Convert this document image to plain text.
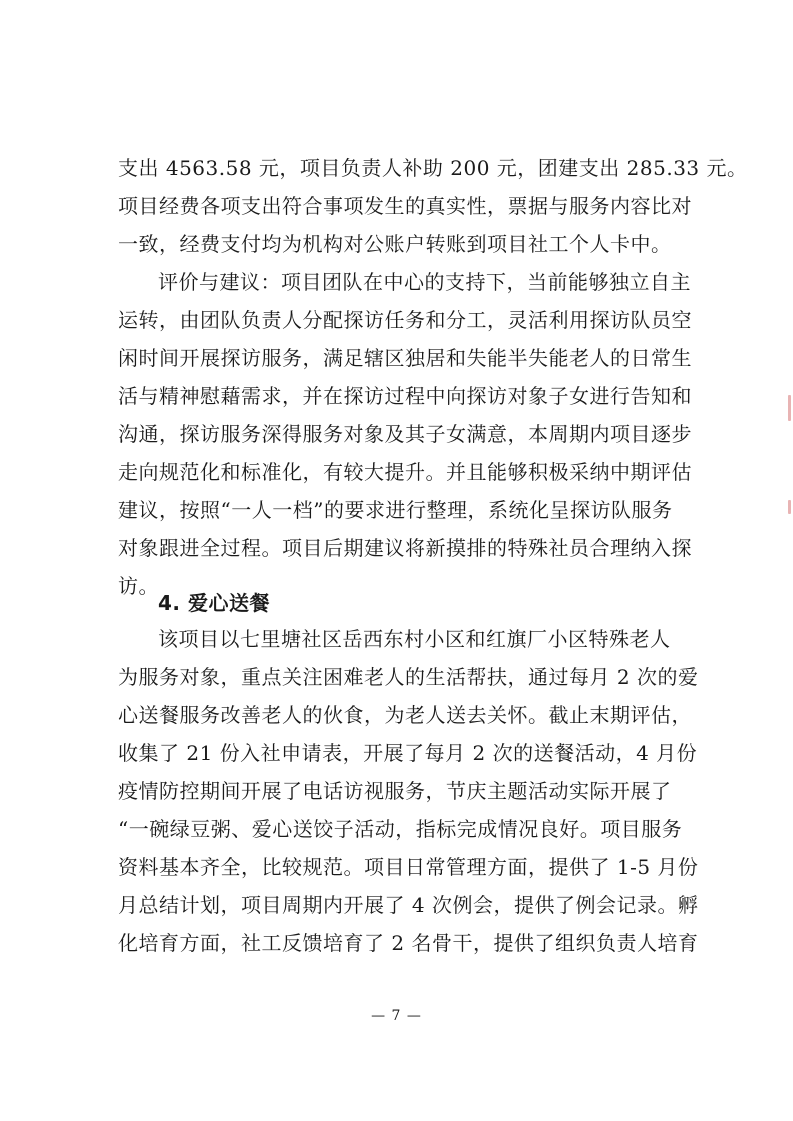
支出 4563.58 元，项目负责人补助 200 元，团建支出 285.33 元。
项目经费各项支出符合事项发生的真实性，票据与服务内容比对
一致，经费支付均为机构对公账户转账到项目社工个人卡中。
评价与建议：项目团队在中心的支持下，当前能够独立自主
运转，由团队负责人分配探访任务和分工，灵活利用探访队员空
闲时间开展探访服务，满足辖区独居和失能半失能老人的日常生
活与精神慰藉需求，并在探访过程中向探访对象子女进行告知和
沟通，探访服务深得服务对象及其子女满意，本周期内项目逐步
走向规范化和标准化，有较大提升。并且能够积极采纳中期评估
建议，按照“一人一档”的要求进行整理，系统化呈探访队服务
对象跟进全过程。项目后期建议将新摸排的特殊社员合理纳入探
访。
4. 爱心送餐
该项目以七里塘社区岳西东村小区和红旗厂小区特殊老人
为服务对象，重点关注困难老人的生活帮扶，通过每月 2 次的爱
心送餐服务改善老人的伙食，为老人送去关怀。截止末期评估，
收集了 21 份入社申请表，开展了每月 2 次的送餐活动，4 月份
疫情防控期间开展了电话访视服务，节庆主题活动实际开展了
“一碗绿豆粥、爱心送饺子活动，指标完成情况良好。项目服务
资料基本齐全，比较规范。项目日常管理方面，提供了 1-5 月份
月总结计划，项目周期内开展了 4 次例会，提供了例会记录。孵
化培育方面，社工反馈培育了 2 名骨干，提供了组织负责人培育
— 7 —
